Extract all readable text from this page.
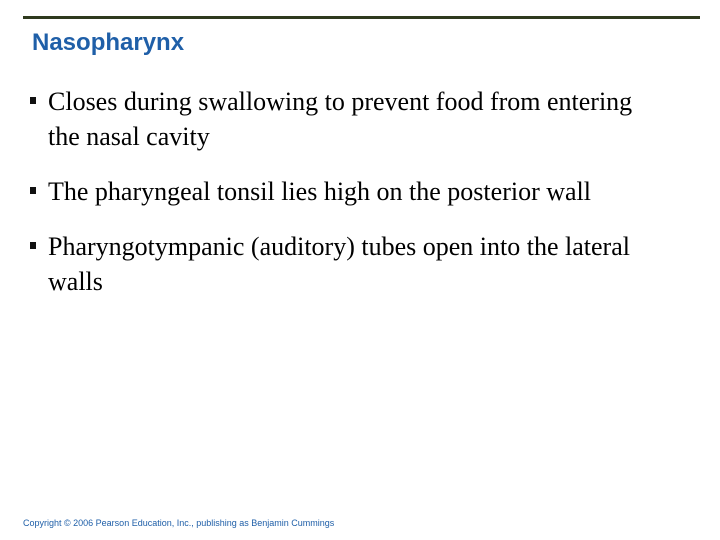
Nasopharynx
Closes during swallowing to prevent food from entering the nasal cavity
The pharyngeal tonsil lies high on the posterior wall
Pharyngotympanic (auditory) tubes open into the lateral walls
Copyright © 2006 Pearson Education, Inc., publishing as Benjamin Cummings
